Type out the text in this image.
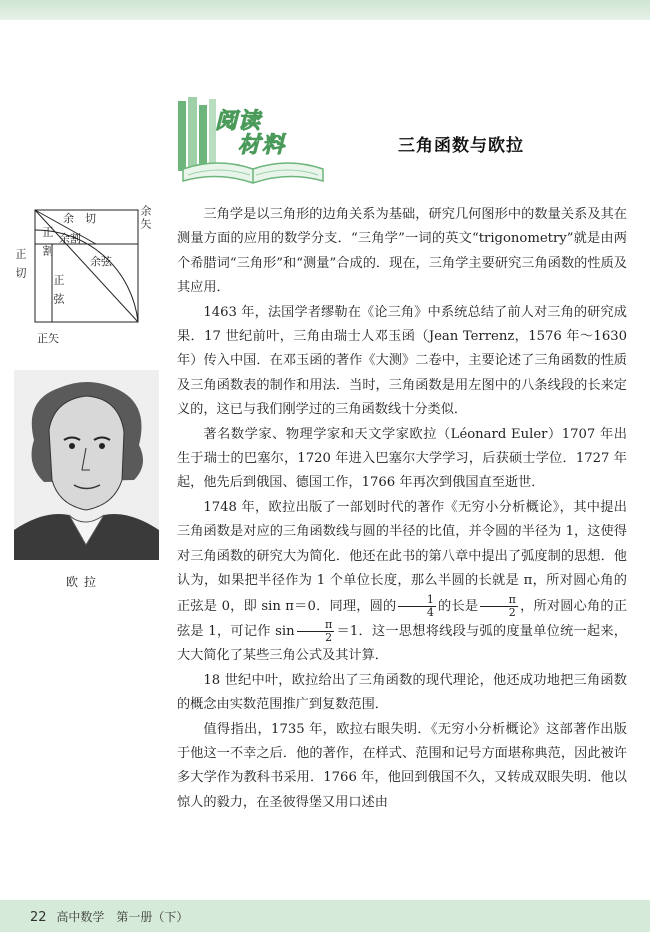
阅读
材料	三角函数与欧拉
余　切	余矢
正割 余割
正切	余弦
正弦
正矢
欧拉

三角学是以三角形的边角关系为基础，研究几何图形中的数量关系及其在测量方面的应用的数学分支．“三角学”一词的英文“trigonometry”就是由两个希腊词“三角形”和“测量”合成的．现在，三角学主要研究三角函数的性质及其应用．

1463 年，法国学者缪勒在《论三角》中系统总结了前人对三角的研究成果．17 世纪前叶，三角由瑞士人邓玉函（Jean Terrenz，1576 年～1630 年）传入中国．在邓玉函的著作《大测》二卷中，主要论述了三角函数的性质及三角函数表的制作和用法．当时，三角函数是用左图中的八条线段的长来定义的，这已与我们刚学过的三角函数线十分类似．

著名数学家、物理学家和天文学家欧拉（Léonard Euler）1707 年出生于瑞士的巴塞尔，1720 年进入巴塞尔大学学习，后获硕士学位．1727 年起，他先后到俄国、德国工作，1766 年再次到俄国直至逝世．

1748 年，欧拉出版了一部划时代的著作《无穷小分析概论》，其中提出三角函数是对应的三角函数线与圆的半径的比值，并令圆的半径为 1，这使得对三角函数的研究大为简化．他还在此书的第八章中提出了弧度制的思想．他认为，如果把半径作为 1 个单位长度，那么半圆的长就是 π，所对圆心角的正弦是 0，即 sin π＝0．同理，圆的 $\frac{1}{4}$ 的长是 $\frac{\pi}{2}$ ，所对圆心角的正弦是 1，可记作 $\sin \frac{\pi}{2} =1$．这一思想将线段与弧的度量单位统一起来，大大简化了某些三角公式及其计算．

18 世纪中叶，欧拉给出了三角函数的现代理论，他还成功地把三角函数的概念由实数范围推广到复数范围．

值得指出，1735 年，欧拉右眼失明．《无穷小分析概论》这部著作出版于他这一不幸之后．他的著作，在样式、范围和记号方面堪称典范，因此被许多大学作为教科书采用．1766 年，他回到俄国不久，又转成双眼失明．他以惊人的毅力，在圣彼得堡又用口述由

22 高中数学　第一册（下）
